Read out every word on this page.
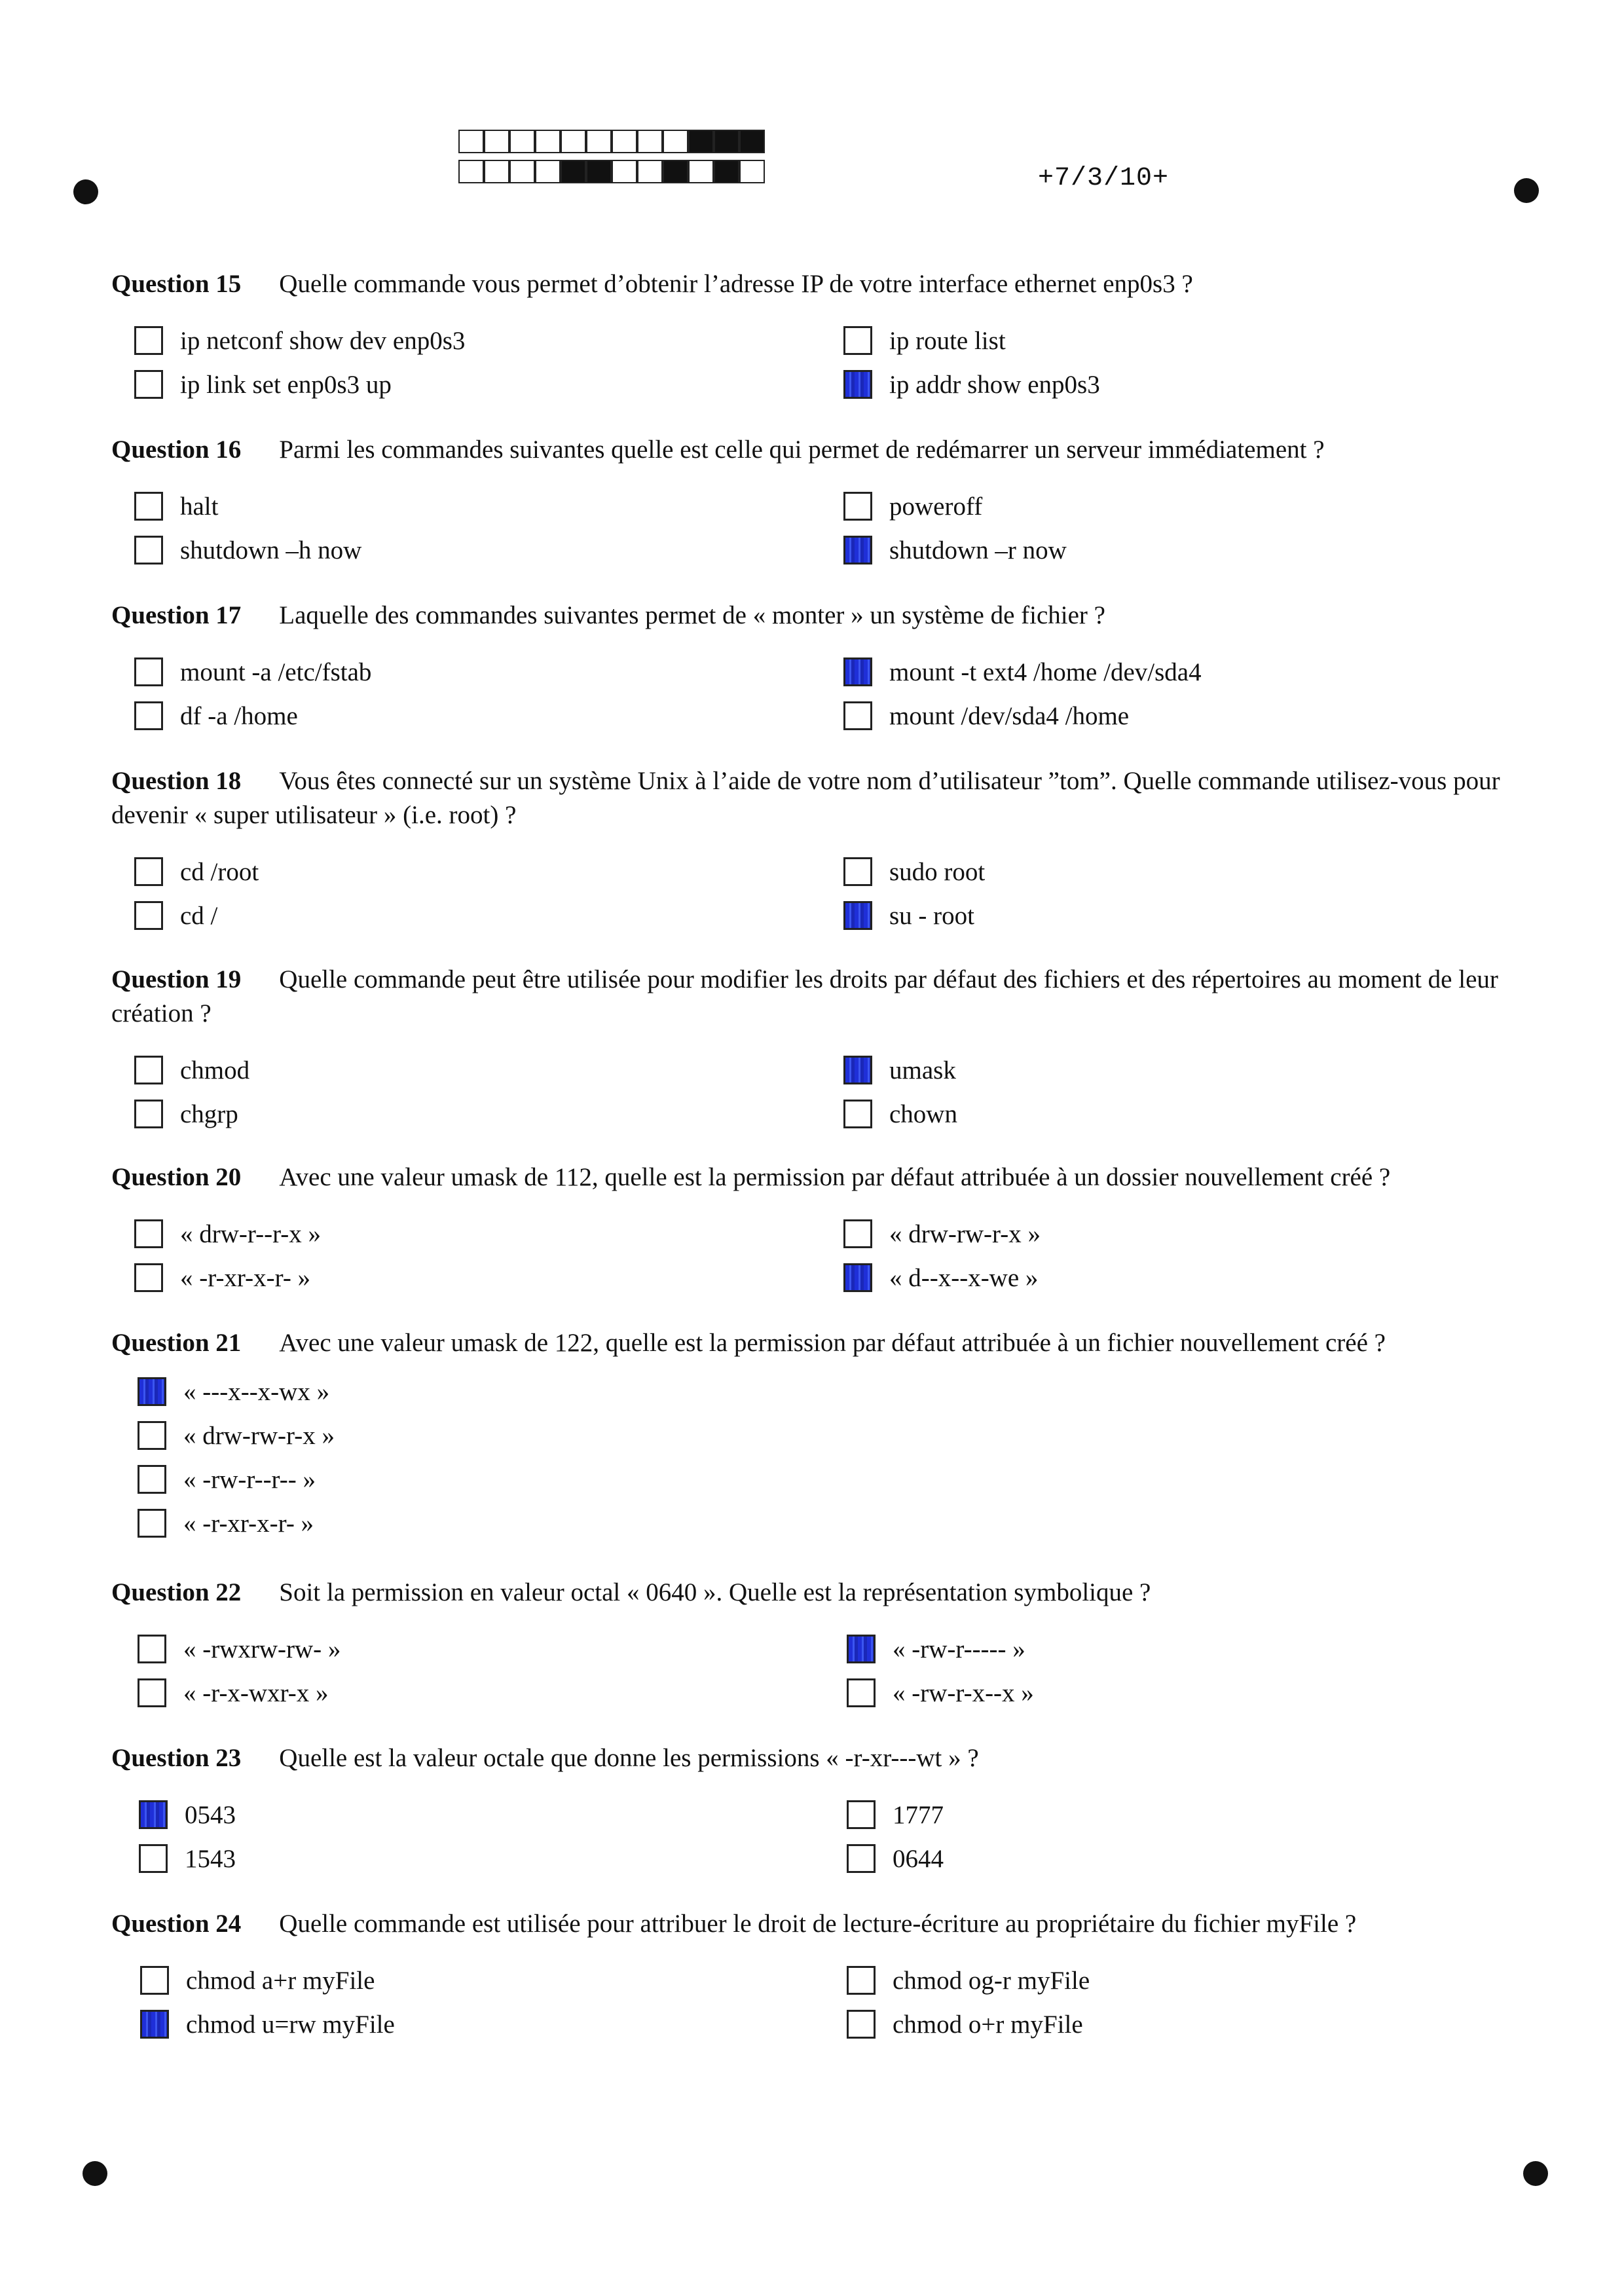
+7/3/10+
Question 15 Quelle commande vous permet d’obtenir l’adresse IP de votre interface ethernet enp0s3 ?
ip netconf show dev enp0s3	ip route list
ip link set enp0s3 up	ip addr show enp0s3
Question 16 Parmi les commandes suivantes quelle est celle qui permet de redémarrer un serveur immédiatement ?
halt	poweroff
shutdown –h now	shutdown –r now
Question 17 Laquelle des commandes suivantes permet de « monter » un système de fichier ?
mount -a /etc/fstab	mount -t ext4 /home /dev/sda4
df -a /home	mount /dev/sda4 /home
Question 18 Vous êtes connecté sur un système Unix à l’aide de votre nom d’utilisateur ”tom”. Quelle commande utilisez-vous pour devenir « super utilisateur » (i.e. root) ?
cd /root	sudo root
cd /	su - root
Question 19 Quelle commande peut être utilisée pour modifier les droits par défaut des fichiers et des répertoires au moment de leur création ?
chmod	umask
chgrp	chown
Question 20 Avec une valeur umask de 112, quelle est la permission par défaut attribuée à un dossier nouvellement créé ?
« drw-r--r-x »	« drw-rw-r-x »
« -r-xr-x-r- »	« d--x--x-we »
Question 21 Avec une valeur umask de 122, quelle est la permission par défaut attribuée à un fichier nouvellement créé ?
« ---x--x-wx »
« drw-rw-r-x »
« -rw-r--r-- »
« -r-xr-x-r- »
Question 22 Soit la permission en valeur octal « 0640 ». Quelle est la représentation symbolique ?
« -rwxrw-rw- »	« -rw-r----- »
« -r-x-wxr-x »	« -rw-r-x--x »
Question 23 Quelle est la valeur octale que donne les permissions « -r-xr---wt » ?
0543	1777
1543	0644
Question 24 Quelle commande est utilisée pour attribuer le droit de lecture-écriture au propriétaire du fichier myFile ?
chmod a+r myFile	chmod og-r myFile
chmod u=rw myFile	chmod o+r myFile
